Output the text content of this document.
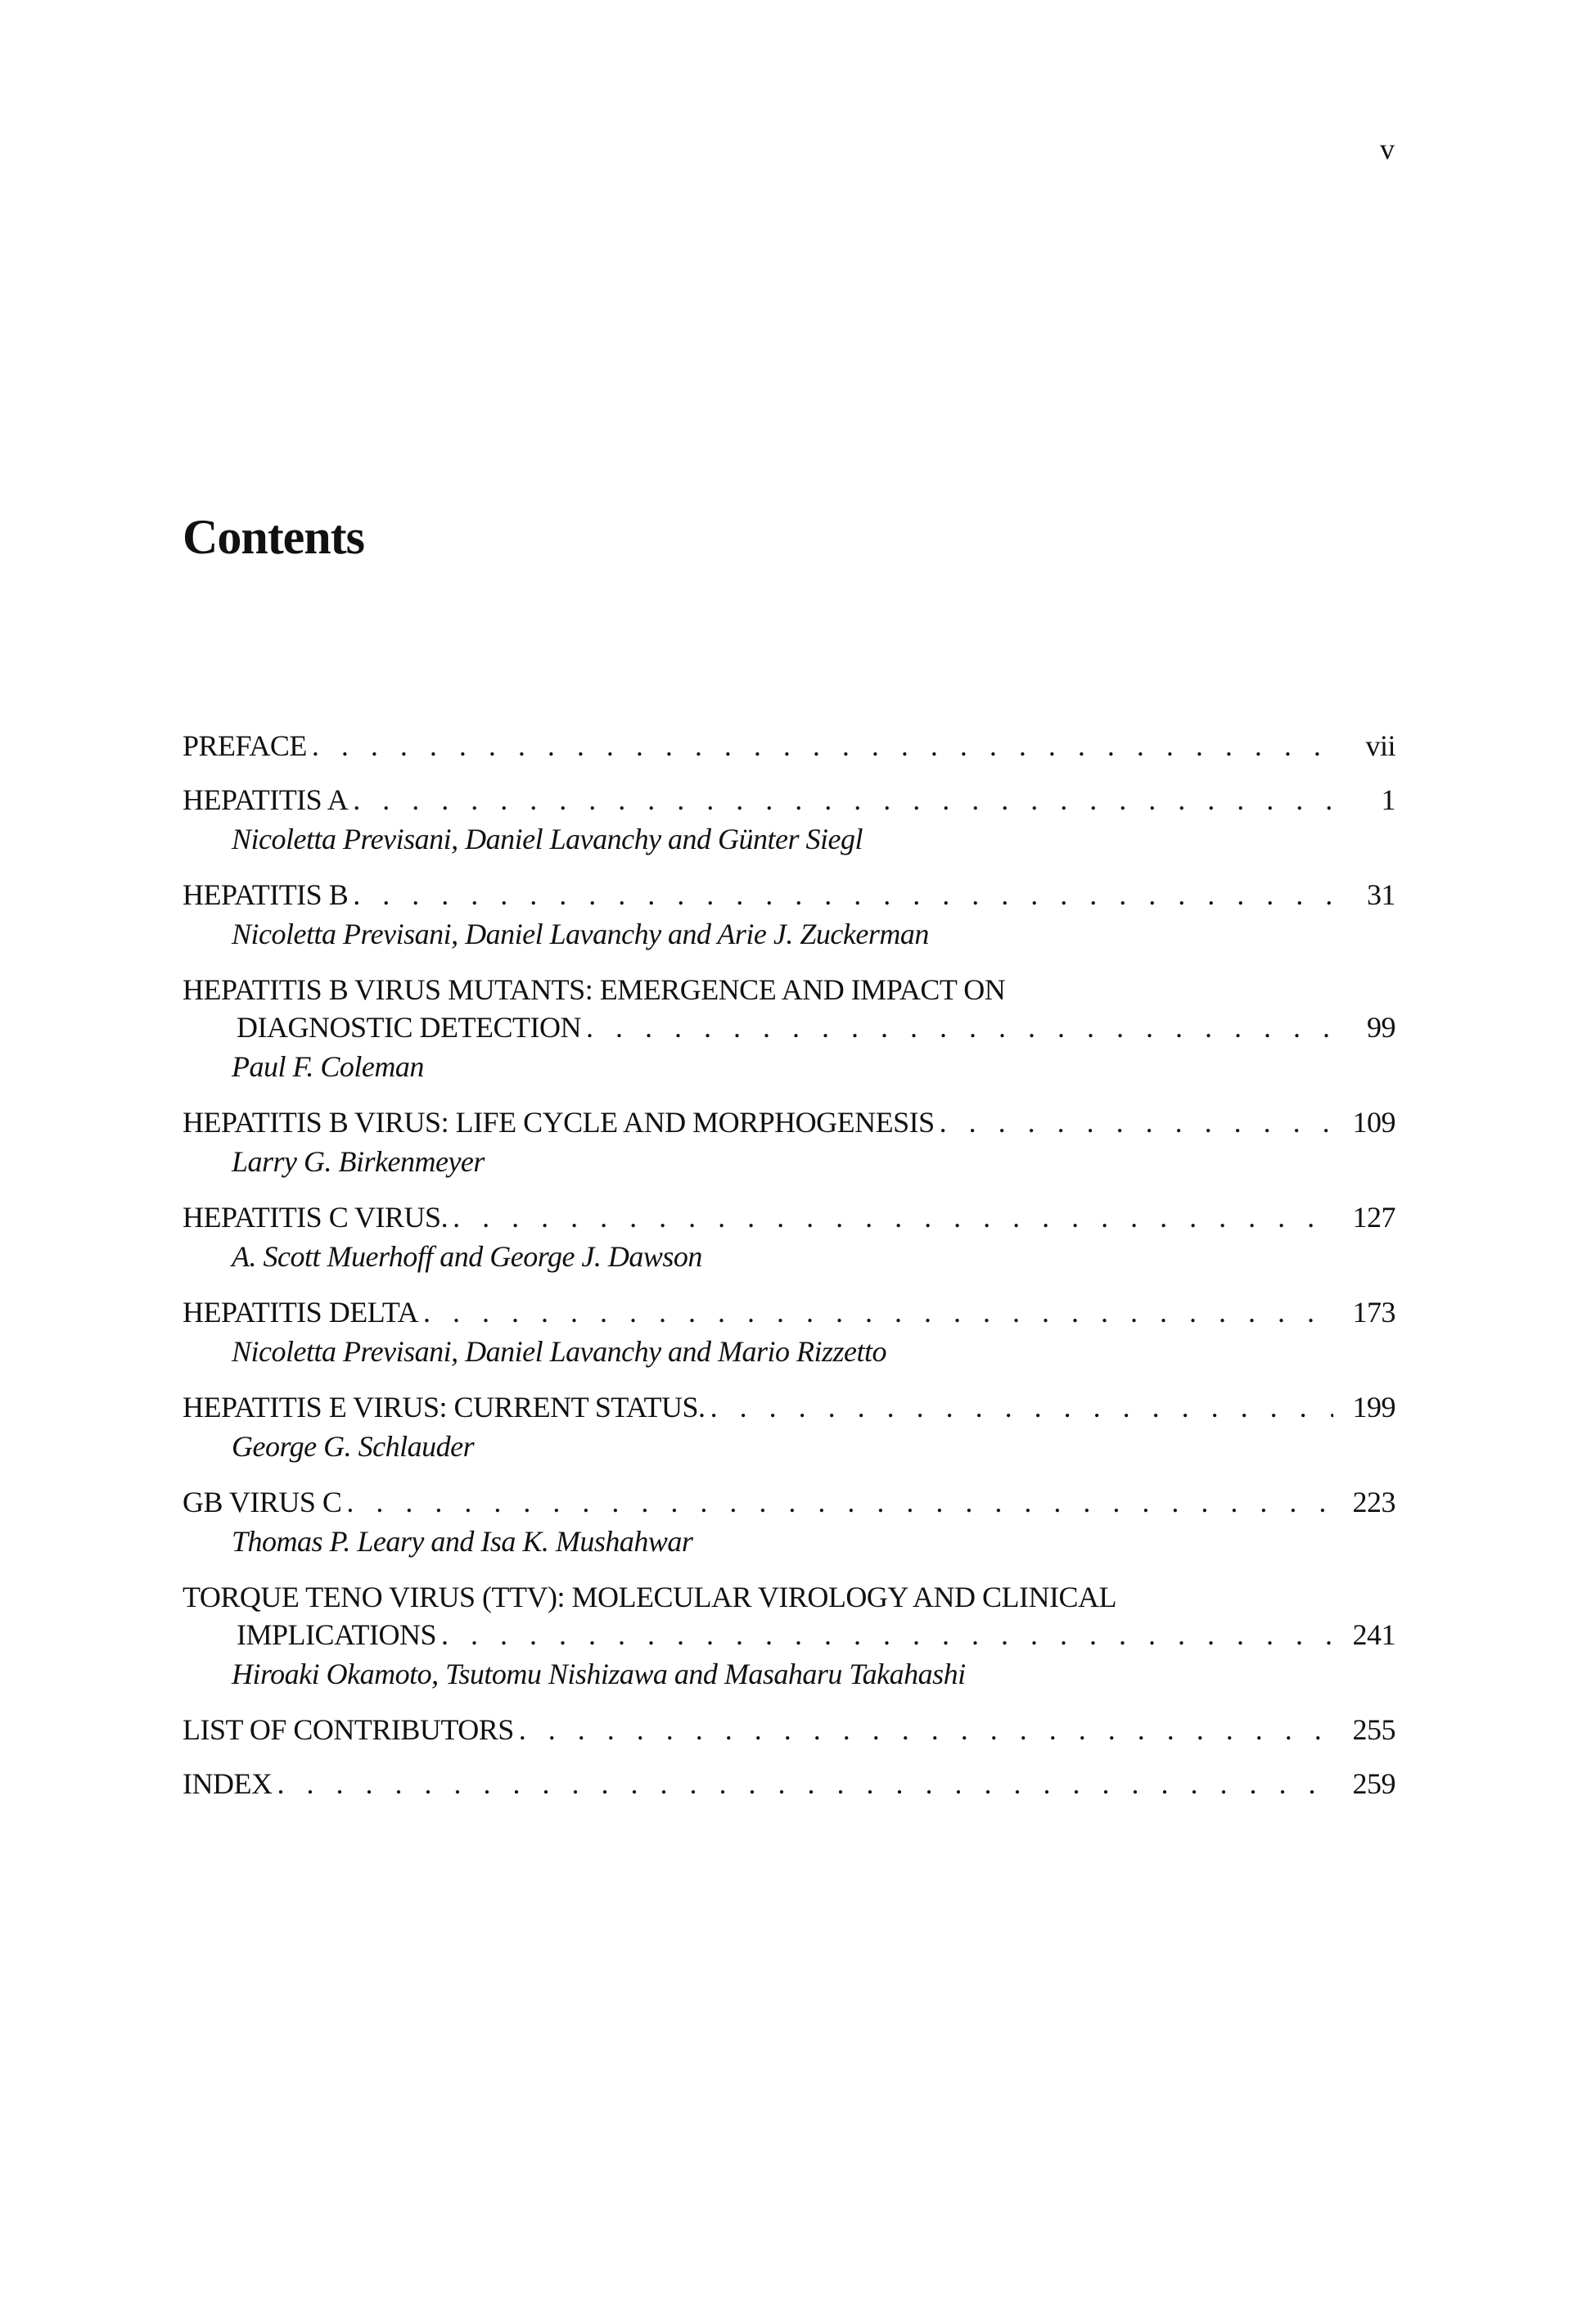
v
Contents
PREFACE . . .	vii
HEPATITIS A . . .	1
Nicoletta Previsani, Daniel Lavanchy and Günter Siegl
HEPATITIS B . . .	31
Nicoletta Previsani, Daniel Lavanchy and Arie J. Zuckerman
HEPATITIS B VIRUS MUTANTS: EMERGENCE AND IMPACT ON
DIAGNOSTIC DETECTION . . .	99
Paul F. Coleman
HEPATITIS B VIRUS: LIFE CYCLE AND MORPHOGENESIS . . .	109
Larry G. Birkenmeyer
HEPATITIS C VIRUS. . . .	127
A. Scott Muerhoff and George J. Dawson
HEPATITIS DELTA . . .	173
Nicoletta Previsani, Daniel Lavanchy and Mario Rizzetto
HEPATITIS E VIRUS: CURRENT STATUS. . . .	199
George G. Schlauder
GB VIRUS C . . .	223
Thomas P. Leary and Isa K. Mushahwar
TORQUE TENO VIRUS (TTV): MOLECULAR VIROLOGY AND CLINICAL
IMPLICATIONS . . .	241
Hiroaki Okamoto, Tsutomu Nishizawa and Masaharu Takahashi
LIST OF CONTRIBUTORS . . .	255
INDEX . . .	259
